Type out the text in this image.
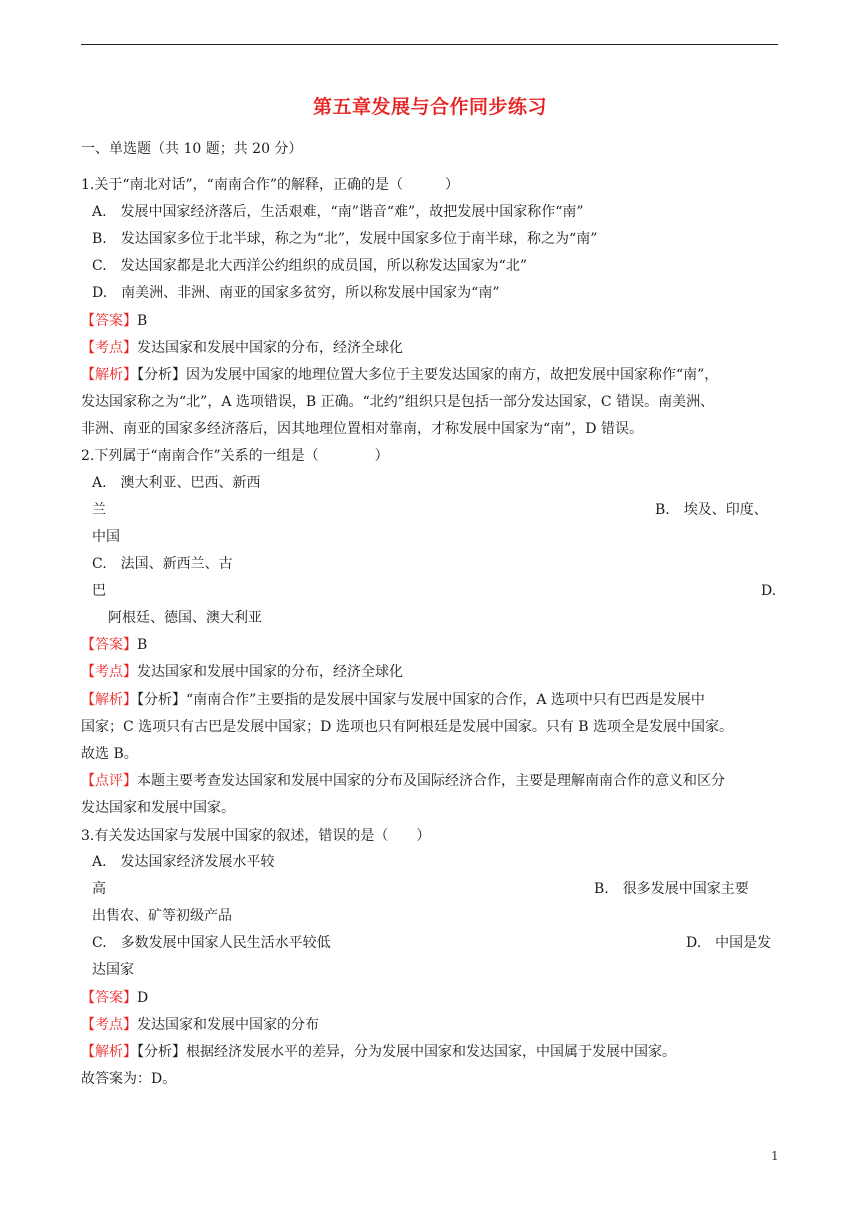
第五章发展与合作同步练习
一、单选题（共 10 题；共 20 分）
1.关于“南北对话”，“南南合作”的解释，正确的是（　　　）
A.　发展中国家经济落后，生活艰难，“南”谐音“难”，故把发展中国家称作“南”
B.　发达国家多位于北半球，称之为“北”，发展中国家多位于南半球，称之为“南”
C.　发达国家都是北大西洋公约组织的成员国，所以称发达国家为“北”
D.　南美洲、非洲、南亚的国家多贫穷，所以称发展中国家为“南”
【答案】B
【考点】发达国家和发展中国家的分布，经济全球化
【解析】【分析】因为发展中国家的地理位置大多位于主要发达国家的南方，故把发展中国家称作“南”，
发达国家称之为“北”，A 选项错误，B 正确。“北约”组织只是包括一部分发达国家，C 错误。南美洲、
非洲、南亚的国家多经济落后，因其地理位置相对靠南，才称发展中国家为“南”，D 错误。
2.下列属于“南南合作”关系的一组是（　　　　）
A.　澳大利亚、巴西、新西
兰	B.　埃及、印度、
中国
C.　法国、新西兰、古
巴	D.
阿根廷、德国、澳大利亚
【答案】B
【考点】发达国家和发展中国家的分布，经济全球化
【解析】【分析】“南南合作”主要指的是发展中国家与发展中国家的合作，A 选项中只有巴西是发展中
国家；C 选项只有古巴是发展中国家；D 选项也只有阿根廷是发展中国家。只有 B 选项全是发展中国家。
故选 B。
【点评】本题主要考查发达国家和发展中国家的分布及国际经济合作，主要是理解南南合作的意义和区分
发达国家和发展中国家。
3.有关发达国家与发展中国家的叙述，错误的是（　　）
A.　发达国家经济发展水平较
高	B.　很多发展中国家主要
出售农、矿等初级产品
C.　多数发展中国家人民生活水平较低	D.　中国是发
达国家
【答案】D
【考点】发达国家和发展中国家的分布
【解析】【分析】根据经济发展水平的差异，分为发展中国家和发达国家，中国属于发展中国家。
故答案为：D。
1
